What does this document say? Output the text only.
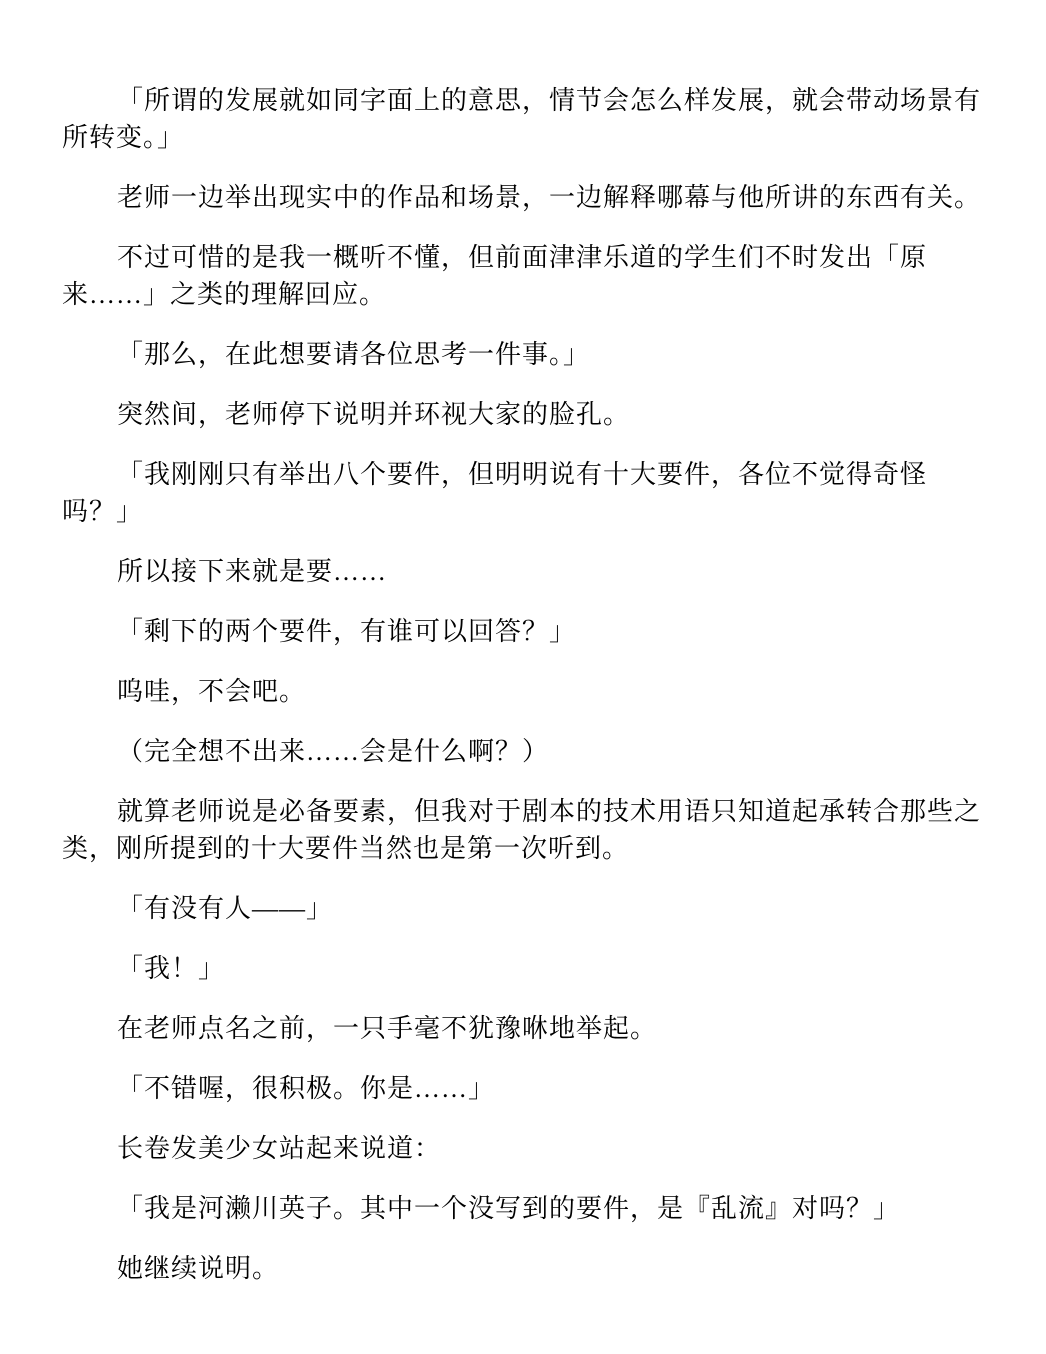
「所谓的发展就如同字面上的意思，情节会怎么样发展，就会带动场景有
所转变。」
老师一边举出现实中的作品和场景，一边解释哪幕与他所讲的东西有关。
不过可惜的是我一概听不懂，但前面津津乐道的学生们不时发出「原
来……」之类的理解回应。
「那么，在此想要请各位思考一件事。」
突然间，老师停下说明并环视大家的脸孔。
「我刚刚只有举出八个要件，但明明说有十大要件，各位不觉得奇怪
吗？」
所以接下来就是要……
「剩下的两个要件，有谁可以回答？」
呜哇，不会吧。
（完全想不出来……会是什么啊？）
就算老师说是必备要素，但我对于剧本的技术用语只知道起承转合那些之
类，刚所提到的十大要件当然也是第一次听到。
「有没有人——」
「我！」
在老师点名之前，一只手毫不犹豫咻地举起。
「不错喔，很积极。你是……」
长卷发美少女站起来说道：
「我是河濑川英子。其中一个没写到的要件，是『乱流』对吗？」
她继续说明。
